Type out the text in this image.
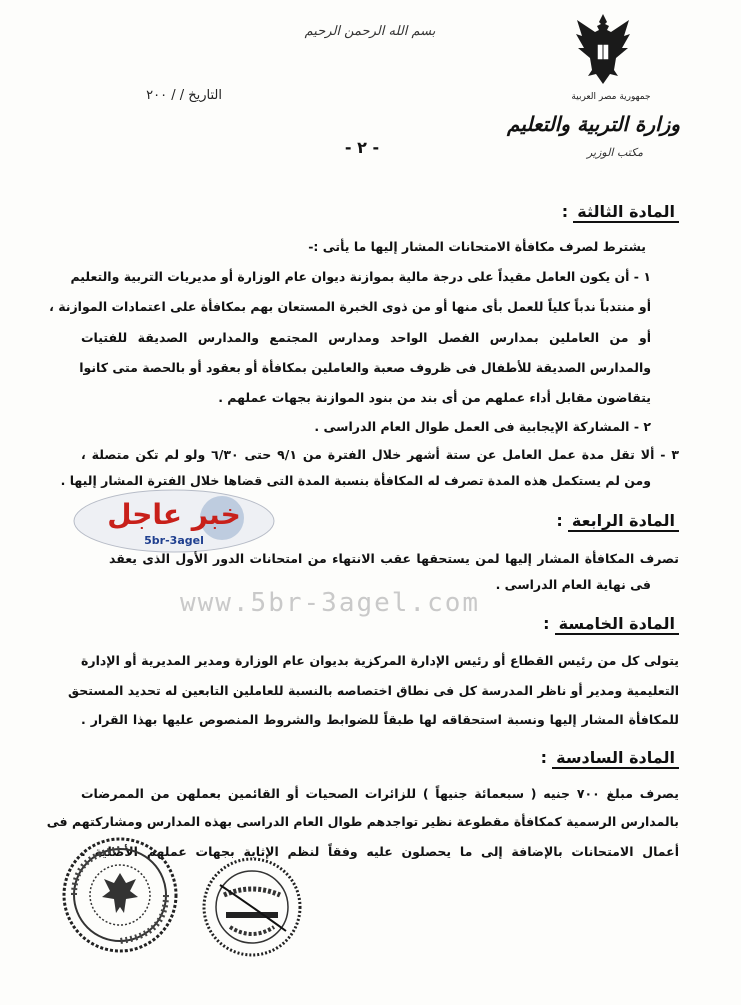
بسم الله الرحمن الرحيم
جمهورية مصر العربية
وزارة التربية والتعليم
مكتب الوزير
التاريخ / / ٢٠٠
- ٢ -
المادة الثالثة :
يشترط لصرف مكافأة الامتحانات المشار إليها ما يأتى :-
١ - أن يكون العامل مقيداً على درجة مالية بموازنة ديوان عام الوزارة أو مديريات التربية والتعليم
أو منتدباً ندباً كلياً للعمل بأى منها أو من ذوى الخبرة المستعان بهم بمكافأة على اعتمادات الموازنة ،
أو من العاملين بمدارس الفصل الواحد ومدارس المجتمع والمدارس الصديقة للفتيات
والمدارس الصديقة للأطفال فى ظروف صعبة والعاملين بمكافأة أو بعقود أو بالحصة متى كانوا
يتقاضون مقابل أداء عملهم من أى بند من بنود الموازنة بجهات عملهم .
٢ - المشاركة الإيجابية فى العمل طوال العام الدراسى .
٣ - ألا تقل مدة عمل العامل عن ستة أشهر خلال الفترة من ٩/١ حتى ٦/٣٠ ولو لم تكن متصلة ،
ومن لم يستكمل هذه المدة تصرف له المكافأة بنسبة المدة التى قضاها خلال الفترة المشار إليها .
خبر عاجل
5br-3agel
المادة الرابعة :
تصرف المكافأة المشار إليها لمن يستحقها عقب الانتهاء من امتحانات الدور الأول الذى يعقد
فى نهاية العام الدراسى .
www.5br-3agel.com
المادة الخامسة :
يتولى كل من رئيس القطاع أو رئيس الإدارة المركزية بديوان عام الوزارة ومدير المديرية أو الإدارة
التعليمية ومدير أو ناظر المدرسة كل فى نطاق اختصاصه بالنسبة للعاملين التابعين له تحديد المستحق
للمكافأة المشار إليها ونسبة استحقاقه لها طبقاً للضوابط والشروط المنصوص عليها بهذا القرار .
المادة السادسة :
يصرف مبلغ ٧٠٠ جنيه ( سبعمائة جنيهاً ) للزائرات الصحيات أو القائمين بعملهن من الممرضات
بالمدارس الرسمية كمكافأة مقطوعة نظير تواجدهم طوال العام الدراسى بهذه المدارس ومشاركتهم فى
أعمال الامتحانات بالإضافة إلى ما يحصلون عليه وفقاً لنظم الإثابة بجهات عملهم الأصلية .
